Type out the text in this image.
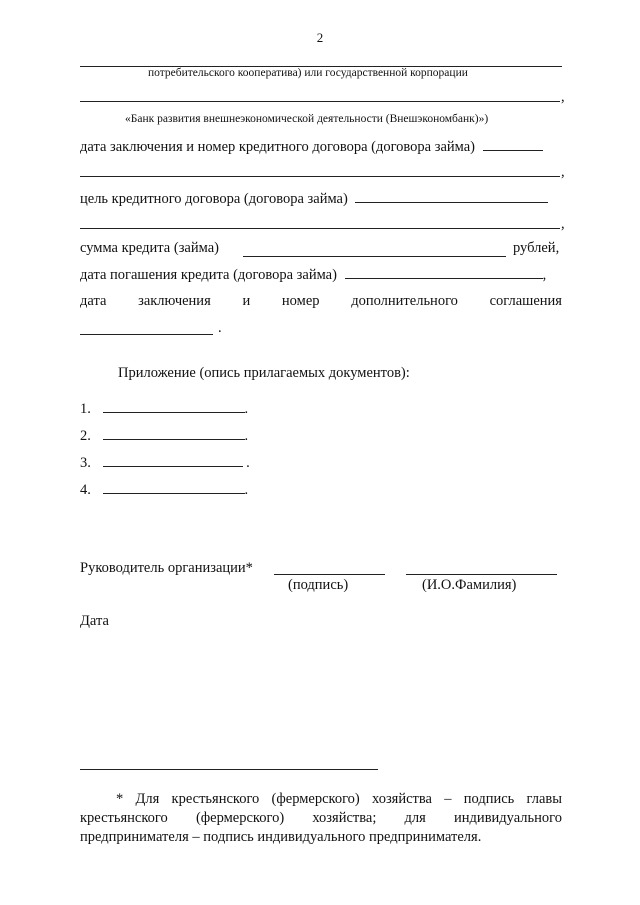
2
потребительского кооператива) или государственной корпорации
,
«Банк развития внешнеэкономической деятельности (Внешэкономбанк)»)
дата заключения и номер кредитного договора (договора займа)
,
цель кредитного договора (договора займа)
,
сумма кредита (займа)	рублей,
дата погашения кредита (договора займа)	,
дата заключения и номер дополнительного соглашения
.
Приложение (опись прилагаемых документов):
1.	.
2.	.
3.	.
4.	.
Руководитель организации*
(подпись)	(И.О.Фамилия)
Дата
* Для крестьянского (фермерского) хозяйства – подпись главы крестьянского (фермерского) хозяйства; для индивидуального предпринимателя – подпись индивидуального предпринимателя.
